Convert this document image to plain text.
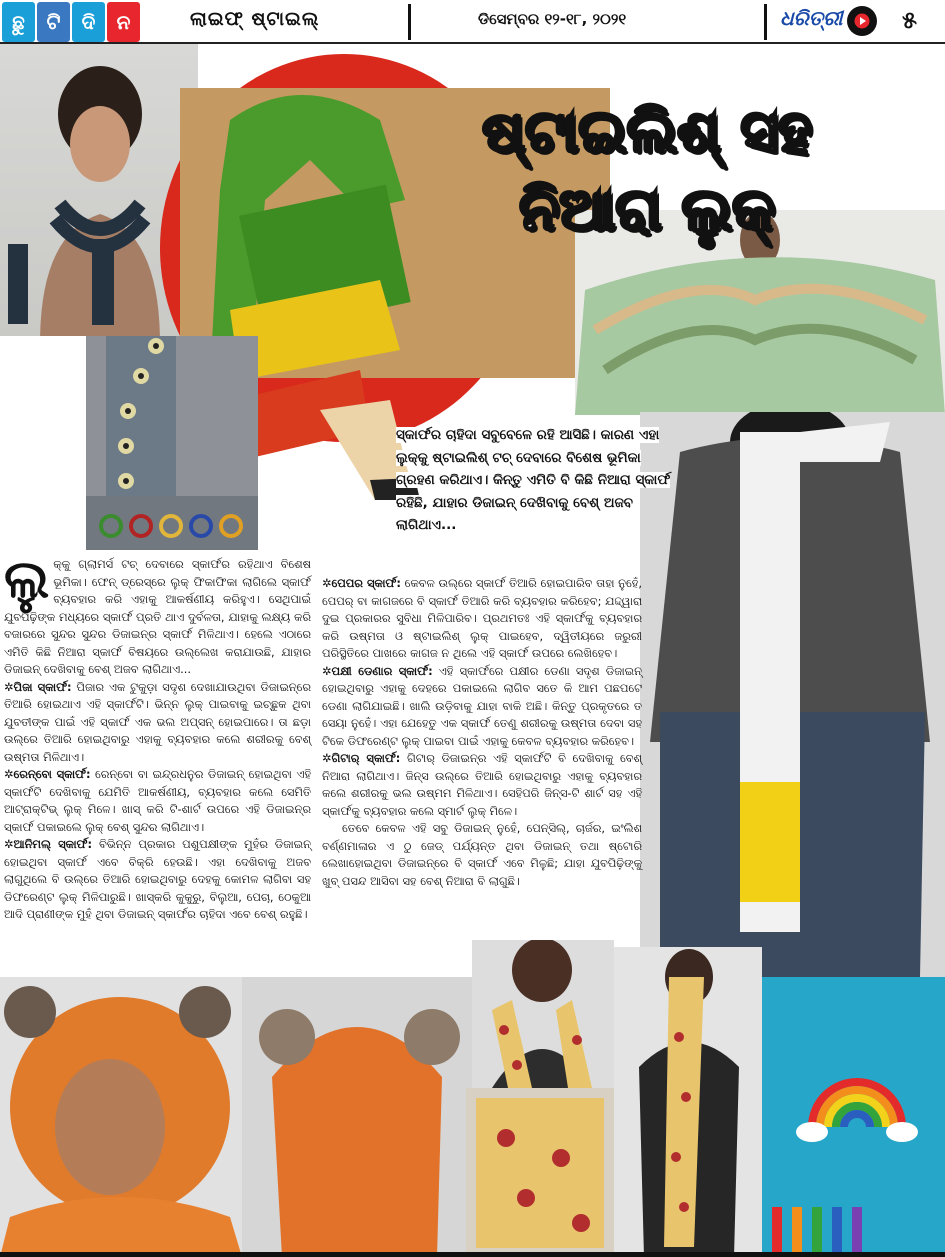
ଛୁ	ଟି	ଦି	ନ	ଲାଇଫ୍ ଷ୍ଟାଇଲ୍	ଡିସେମ୍ବର ୧୨-୧୮, ୨୦୨୧	ଧରିତ୍ରୀ ୫
ଷ୍ଟାଇଲିଶ୍ ସହ
ନିଆରା ଲୁକ୍

ସ୍କାର୍ଫର ଚାହିଦା ସବୁବେଳେ ରହି ଆସିଛି। କାରଣ ଏହା ଲୁକ୍‌କୁ ଷ୍ଟାଇଲିଶ୍ ଟଚ୍ ଦେବାରେ ବିଶେଷ ଭୂମିକା ଗ୍ରହଣ କରିଥାଏ। କିନ୍ତୁ ଏମିତି ବି କିଛି ନିଆରା ସ୍କାର୍ଫ ରହିଛି, ଯାହାର ଡିଜାଇନ୍ ଦେଖିବାକୁ ବେଶ୍ ଅଜବ ଲାଗିଥାଏ...

ଲୁ କ୍‌କୁ ଗ୍ଲାମର୍ସ ଟଚ୍ ଦେବାରେ ସ୍କାର୍ଫର ରହିଥାଏ ବିଶେଷ ଭୂମିକା। ଫେନ୍ ଡ୍ରେସ୍‌ରେ ଲୁକ୍ ଫିକାଫିକା ଲାଗିଲେ ସ୍କାର୍ଫ ବ୍ୟବହାର କରି ଏହାକୁ ଆକର୍ଷଣୀୟ କରିହୁଏ। ସେଥିପାଇଁ ଯୁବପିଢ଼ିଙ୍କ ମଧ୍ୟରେ ସ୍କାର୍ଫ ପ୍ରତି ଥାଏ ଦୁର୍ବଳତା, ଯାହାକୁ ଲକ୍ଷ୍ୟ କରି ବଜାରରେ ସୁନ୍ଦର ସୁନ୍ଦର ଡିଜାଇନ୍‌ର ସ୍କାର୍ଫ ମିଳିଥାଏ। ହେଲେ ଏଠାରେ ଏମିତି କିଛି ନିଆରା ସ୍କାର୍ଫ ବିଷୟରେ ଉଲ୍ଲେଖ କରାଯାଉଛି, ଯାହାର ଡିଜାଇନ୍ ଦେଖିବାକୁ ବେଶ୍ ଅଜବ ଲାଗିଥାଏ...
✲ପିଜା ସ୍କାର୍ଫ: ପିଜାର ଏକ ଟୁକୁଡ଼ା ସଦୃଶ ଦେଖାଯାଉଥିବା ଡିଜାଇନ୍‌ରେ ତିଆରି ହୋଇଥାଏ ଏହି ସ୍କାର୍ଫଟି। ଭିନ୍ନ ଲୁକ୍ ପାଇବାକୁ ଇଚ୍ଛୁକ ଥିବା ଯୁବତୀଙ୍କ ପାଇଁ ଏହି ସ୍କାର୍ଫ ଏକ ଭଲ ଅପ୍ସନ୍ ହୋଇପାରେ। ତା ଛଡ଼ା ଉଲ୍‌ରେ ତିଆରି ହୋଇଥିବାରୁ ଏହାକୁ ବ୍ୟବହାର କଲେ ଶରୀରକୁ ବେଶ୍ ଉଷ୍ମତା ମିଳିଥାଏ।
✲ରେନ୍‌ବୋ ସ୍କାର୍ଫ: ରେନ୍‌ବୋ ବା ଇନ୍ଦ୍ରଧନୁର ଡିଜାଇନ୍ ହୋଇଥିବା ଏହି ସ୍କାର୍ଫଟି ଦେଖିବାକୁ ଯେମିତି ଆକର୍ଷଣୀୟ, ବ୍ୟବହାର କଲେ ସେମିତି ଆଟ୍ରାକ୍ଟିଭ୍ ଲୁକ୍ ମିଳେ। ଖାସ୍ କରି ଟି-ଶାର୍ଟ ଉପରେ ଏହି ଡିଜାଇନ୍‌ର ସ୍କାର୍ଫ ପକାଇଲେ ଲୁକ୍ ବେଶ୍ ସୁନ୍ଦର ଲାଗିଥାଏ।
✲ଆନିମଲ୍ ସ୍କାର୍ଫ: ବିଭିନ୍ନ ପ୍ରକାର ପଶୁପକ୍ଷୀଙ୍କ ମୁହଁର ଡିଜାଇନ୍ ହୋଇଥିବା ସ୍କାର୍ଫ ଏବେ ବିକ୍ରି ହେଉଛି। ଏହା ଦେଖିବାକୁ ଅଜବ ଲାଗୁଥିଲେ ବି ଉଲ୍‌ରେ ତିଆରି ହୋଇଥିବାରୁ ଦେହକୁ କୋମଳ ଲାଗିବା ସହ ଡିଫରେଣ୍ଟ ଲୁକ୍ ମିଳିପାରୁଛି। ଖାସ୍‌କରି କୁକୁରୁ, ବିଲୁଆ, ପେଚା, ଠେକୁଆ ଆଦି ପ୍ରାଣୀଙ୍କ ମୁହଁ ଥିବା ଡିଜାଇନ୍ ସ୍କାର୍ଫର ଚାହିଦା ଏବେ ବେଶ୍ ରହୁଛି।
✲ପେପର ସ୍କାର୍ଫ: କେବଳ ଉଲ୍‌ରେ ସ୍କାର୍ଫ ତିଆରି ହୋଇପାରିବ ତାହା ନୁହେଁ, ପେପର୍ ବା କାଗଜରେ ବି ସ୍କାର୍ଫ ତିଆରି କରି ବ୍ୟବହାର କରିହେବ; ଯଦ୍ଦ୍ୱାରା ଦୁଇ ପ୍ରକାରର ସୁବିଧା ମିଳିପାରିବ। ପ୍ରଥମତଃ ଏହି ସ୍କାର୍ଫକୁ ବ୍ୟବହାର କରି ଉଷ୍ମତା ଓ ଷ୍ଟାଇଲିଶ୍ ଲୁକ୍ ପାଇହେବ, ଦ୍ୱିତୀୟରେ ଜରୁରୀ ପରିସ୍ଥିତିରେ ପାଖରେ କାଗଜ ନ ଥିଲେ ଏହି ସ୍କାର୍ଫ ଉପରେ ଲେଖିହେବ।
✲ପକ୍ଷୀ ଡେଣାର ସ୍କାର୍ଫ: ଏହି ସ୍କାର୍ଫରେ ପକ୍ଷୀର ଡେଣା ସଦୃଶ ଡିଜାଇନ୍ ହୋଇଥିବାରୁ ଏହାକୁ ଦେହରେ ପକାଇଲେ ଲାଗିବ ସତେ କି ଆମ ପଛପଟେ ଡେଣା ଲାଗିଯାଇଛି। ଖାଲି ଉଡ଼ିବାକୁ ଯାହା ବାକି ଅଛି। କିନ୍ତୁ ପ୍ରକୃତରେ ତ ସେୟା ନୁହେଁ। ଏହା ଯେହେତୁ ଏକ ସ୍କାର୍ଫ ତେଣୁ ଶରୀରକୁ ଉଷ୍ମତା ଦେବା ସହ ଟିକେ ଡିଫରେଣ୍ଟ ଲୁକ୍ ପାଇବା ପାଇଁ ଏହାକୁ କେବଳ ବ୍ୟବହାର କରିହେବ।
✲ଗିଟାର୍ ସ୍କାର୍ଫ: ଗିଟାର୍ ଡିଜାଇନ୍‌ର ଏହି ସ୍କାର୍ଫଟି ବି ଦେଖିବାକୁ ବେଶ୍ ନିଆରା ଲାଗିଥାଏ। ଜିନ୍ସ ଉଲ୍‌ରେ ତିଆରି ହୋଇଥିବାରୁ ଏହାକୁ ବ୍ୟବହାର କଲେ ଶରୀରକୁ ଭଲ ଉଷ୍ମମ ମିଳିଥାଏ। ସେହିପରି ଜିନ୍ସ-ଟି ଶାର୍ଟ ସହ ଏହି ସ୍କାର୍ଫକୁ ବ୍ୟବହାର କଲେ ସ୍ମାର୍ଟ ଲୁକ୍ ମିଳେ।
ତେବେ କେବଳ ଏହି ସବୁ ଡିଜାଇନ୍ ନୁହେଁ, ପେନ୍‌ସିଲ୍, ଚାର୍ଜର, ଇଂଲିଶ ବର୍ଣ୍ଣମାଳାର ଏ ଠୁ ଜେଡ୍ ପର୍ଯ୍ୟନ୍ତ ଥିବା ଡିଜାଇନ୍ ତଥା ଷ୍ଟୋରି ଲେଖାହୋଇଥିବା ଡିଜାଇନ୍‌ରେ ବି ସ୍କାର୍ଫ ଏବେ ମିଳୁଛି; ଯାହା ଯୁବପିଢ଼ିଙ୍କୁ ଖୁବ୍ ପସନ୍ଦ ଆସିବା ସହ ବେଶ୍ ନିଆରା ବି ଲାଗୁଛି।
